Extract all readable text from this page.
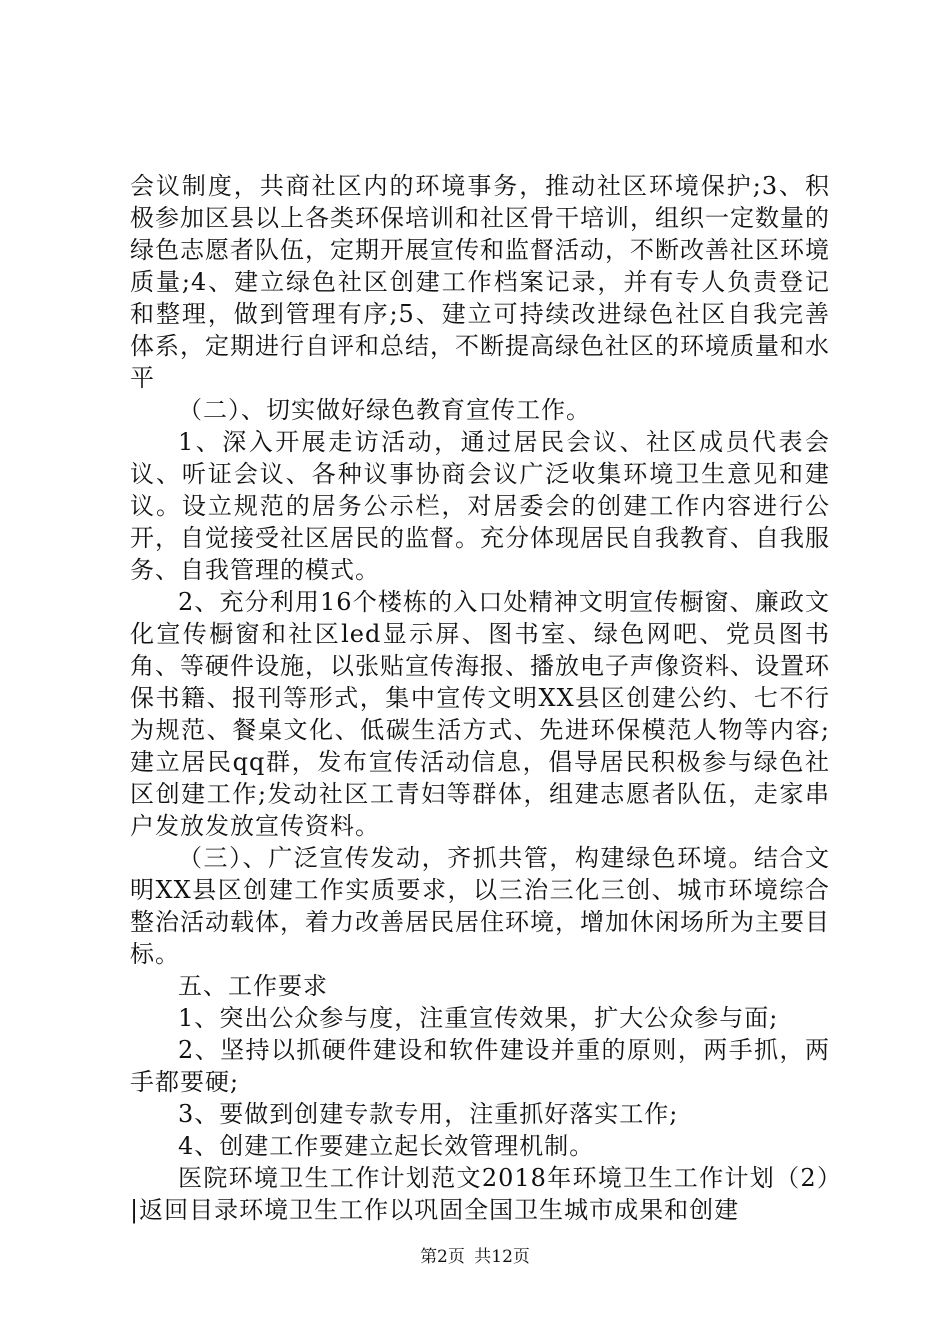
会议制度，共商社区内的环境事务，推动社区环境保护;3、积极参加区县以上各类环保培训和社区骨干培训，组织一定数量的绿色志愿者队伍，定期开展宣传和监督活动，不断改善社区环境质量;4、建立绿色社区创建工作档案记录，并有专人负责登记和整理，做到管理有序;5、建立可持续改进绿色社区自我完善体系，定期进行自评和总结，不断提高绿色社区的环境质量和水平

（二）、切实做好绿色教育宣传工作。

1、深入开展走访活动，通过居民会议、社区成员代表会议、听证会议、各种议事协商会议广泛收集环境卫生意见和建议。设立规范的居务公示栏，对居委会的创建工作内容进行公开，自觉接受社区居民的监督。充分体现居民自我教育、自我服务、自我管理的模式。

2、充分利用16个楼栋的入口处精神文明宣传橱窗、廉政文化宣传橱窗和社区led显示屏、图书室、绿色网吧、党员图书角、等硬件设施，以张贴宣传海报、播放电子声像资料、设置环保书籍、报刊等形式，集中宣传文明XX县区创建公约、七不行为规范、餐桌文化、低碳生活方式、先进环保模范人物等内容;建立居民qq群，发布宣传活动信息，倡导居民积极参与绿色社区创建工作;发动社区工青妇等群体，组建志愿者队伍，走家串户发放发放宣传资料。

（三）、广泛宣传发动，齐抓共管，构建绿色环境。结合文明XX县区创建工作实质要求，以三治三化三创、城市环境综合整治活动载体，着力改善居民居住环境，增加休闲场所为主要目标。

五、工作要求

1、突出公众参与度，注重宣传效果，扩大公众参与面;

2、坚持以抓硬件建设和软件建设并重的原则，两手抓，两手都要硬;

3、要做到创建专款专用，注重抓好落实工作;

4、创建工作要建立起长效管理机制。

医院环境卫生工作计划范文2018年环境卫生工作计划（2）|返回目录环境卫生工作以巩固全国卫生城市成果和创建

第2页 共12页
